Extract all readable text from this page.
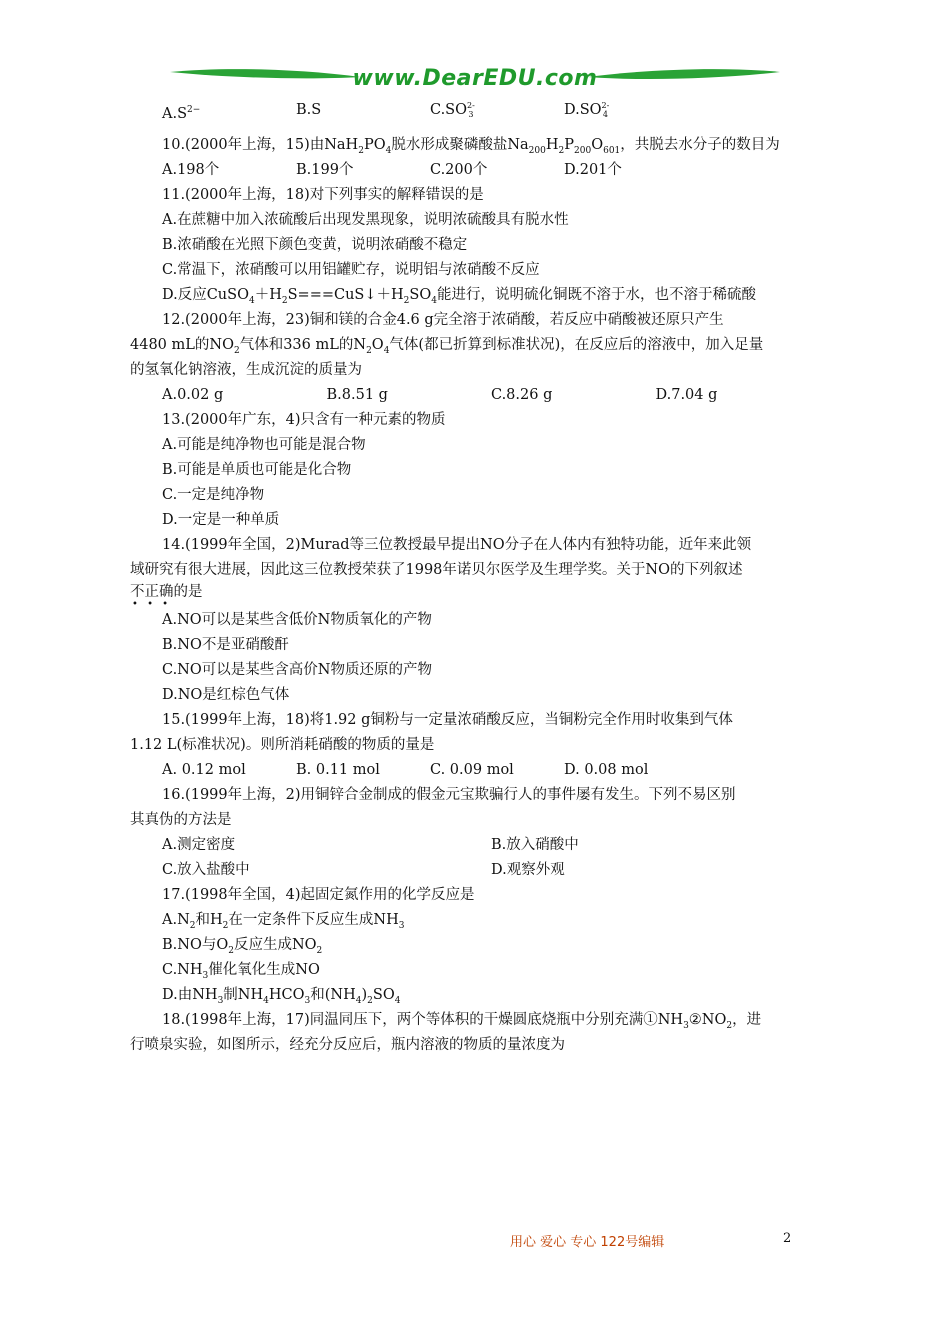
www.DearEDU.com
$A.S^{2-}$	B.S	C.SO2-
3	D.SO2-
4
10.(2000年上海，15)由$NaH_2PO_4$脱水形成聚磷酸盐$Na_{200}H_2P_{200}O_{601}$，共脱去水分子的数目为
A.198个	B.199个	C.200个	D.201个
11.(2000年上海，18)对下列事实的解释错误的是
A.在蔗糖中加入浓硫酸后出现发黑现象，说明浓硫酸具有脱水性
B.浓硝酸在光照下颜色变黄，说明浓硝酸不稳定
C.常温下，浓硝酸可以用铝罐贮存，说明铝与浓硝酸不反应
D.反应$CuSO_4+H_2S===CuS↓+H_2SO_4$能进行，说明硫化铜既不溶于水，也不溶于稀硫酸
12.(2000年上海，23)铜和镁的合金4.6 g完全溶于浓硝酸，若反应中硝酸被还原只产生
4480 mL的$NO_2$气体和336 mL的$N_2O_4$气体(都已折算到标准状况)，在反应后的溶液中，加入足量
的氢氧化钠溶液，生成沉淀的质量为
A.0.02 g	B.8.51 g	C.8.26 g	D.7.04 g
13.(2000年广东，4)只含有一种元素的物质
A.可能是纯净物也可能是混合物
B.可能是单质也可能是化合物
C.一定是纯净物
D.一定是一种单质
14.(1999年全国，2)Murad等三位教授最早提出NO分子在人体内有独特功能，近年来此领
域研究有很大进展，因此这三位教授荣获了1998年诺贝尔医学及生理学奖。关于NO的下列叙述
不正确的是
• • •
A.NO可以是某些含低价N物质氧化的产物
B.NO不是亚硝酸酐
C.NO可以是某些含高价N物质还原的产物
D.NO是红棕色气体
15.(1999年上海，18)将1.92 g铜粉与一定量浓硝酸反应，当铜粉完全作用时收集到气体
1.12 L(标准状况)。则所消耗硝酸的物质的量是
A. 0.12 mol	B. 0.11 mol	C. 0.09 mol	D. 0.08 mol
16.(1999年上海，2)用铜锌合金制成的假金元宝欺骗行人的事件屡有发生。下列不易区别
其真伪的方法是
A.测定密度	B.放入硝酸中
C.放入盐酸中	D.观察外观
17.(1998年全国，4)起固定氮作用的化学反应是
$A.N_2$和$H_2$在一定条件下反应生成$NH_3$
B.NO与$O_2$反应生成$NO_2$
$C.NH_3$催化氧化生成NO
D.由$NH_3$制$NH_4HCO_3$和$(NH_4)_2SO_4$
18.(1998年上海，17)同温同压下，两个等体积的干燥圆底烧瓶中分别充满$①NH_3②NO_2$，进
行喷泉实验，如图所示，经充分反应后，瓶内溶液的物质的量浓度为
用心 爱心 专心 122号编辑	2
